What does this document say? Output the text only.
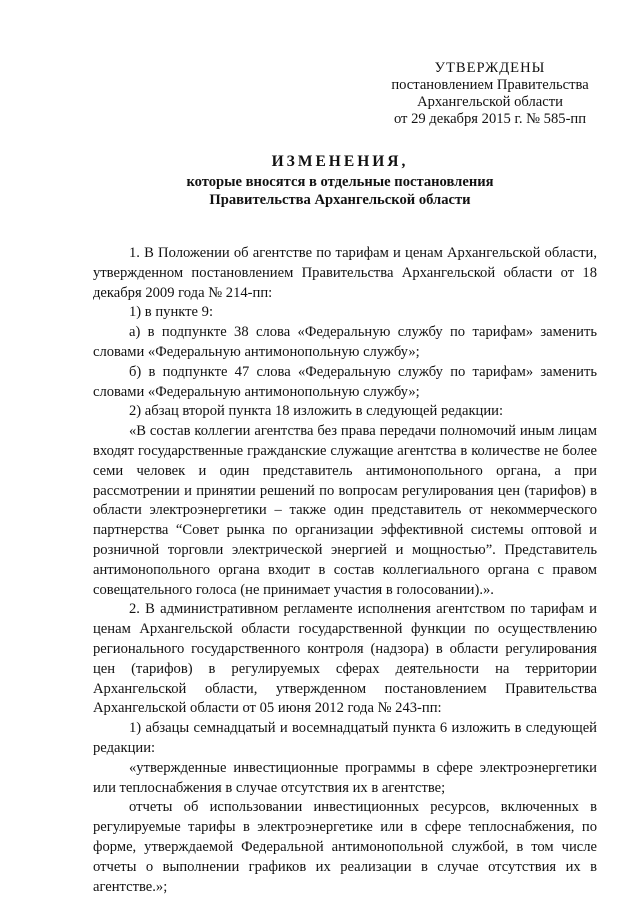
УТВЕРЖДЕНЫ
постановлением Правительства
Архангельской области
от 29 декабря 2015 г. № 585-пп
ИЗМЕНЕНИЯ,
которые вносятся в отдельные постановления
Правительства Архангельской области

1. В Положении об агентстве по тарифам и ценам Архангельской области, утвержденном постановлением Правительства Архангельской области от 18 декабря 2009 года № 214-пп:

1) в пункте 9:

а) в подпункте 38 слова «Федеральную службу по тарифам» заменить словами «Федеральную антимонопольную службу»;

б) в подпункте 47 слова «Федеральную службу по тарифам» заменить словами «Федеральную антимонопольную службу»;

2) абзац второй пункта 18 изложить в следующей редакции:

«В состав коллегии агентства без права передачи полномочий иным лицам входят государственные гражданские служащие агентства в количестве не более семи человек и один представитель антимонопольного органа, а при рассмотрении и принятии решений по вопросам регулирования цен (тарифов) в области электроэнергетики – также один представитель от некоммерческого партнерства “Совет рынка по организации эффективной системы оптовой и розничной торговли электрической энергией и мощностью”. Представитель антимонопольного органа входит в состав коллегиального органа с правом совещательного голоса (не принимает участия в голосовании).».

2. В административном регламенте исполнения агентством по тарифам и ценам Архангельской области государственной функции по осуществлению регионального государственного контроля (надзора) в области регулирования цен (тарифов) в регулируемых сферах деятельности на территории Архангельской области, утвержденном постановлением Правительства Архангельской области от 05 июня 2012 года № 243-пп:

1) абзацы семнадцатый и восемнадцатый пункта 6 изложить в следующей редакции:

«утвержденные инвестиционные программы в сфере электроэнергетики или теплоснабжения в случае отсутствия их в агентстве;

отчеты об использовании инвестиционных ресурсов, включенных в регулируемые тарифы в электроэнергетике или в сфере теплоснабжения, по форме, утверждаемой Федеральной антимонопольной службой, в том числе отчеты о выполнении графиков их реализации в случае отсутствия их в агентстве.»;
